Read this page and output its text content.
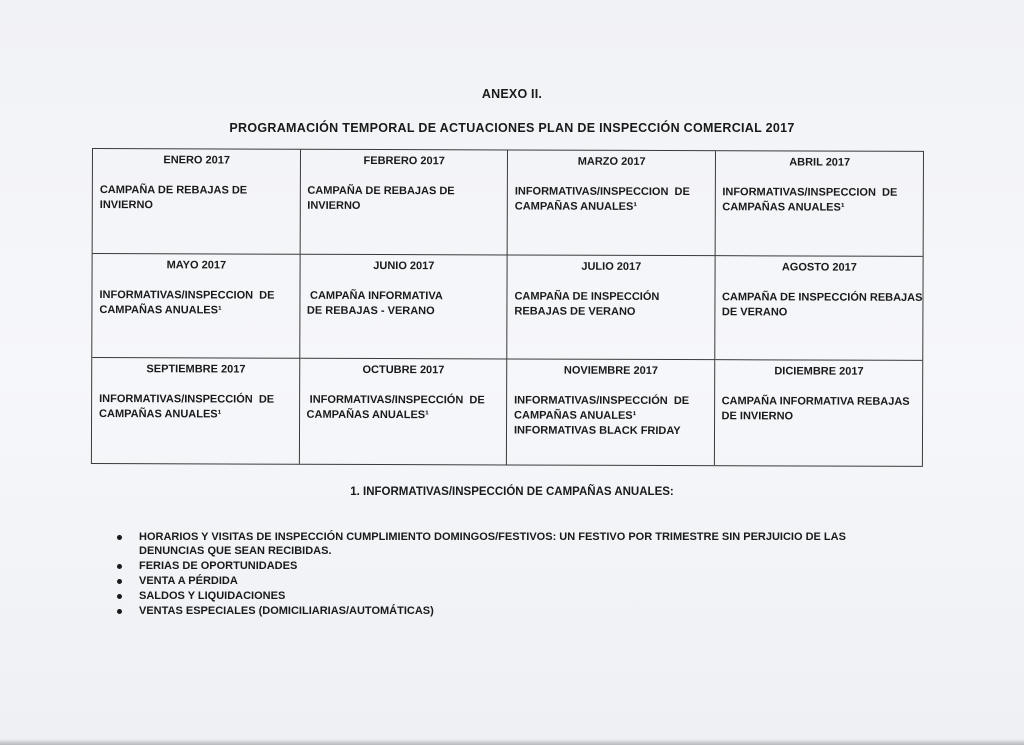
ANEXO II.
PROGRAMACIÓN TEMPORAL DE ACTUACIONES PLAN DE INSPECCIÓN COMERCIAL 2017
ENERO 2017
CAMPAÑA DE REBAJAS DE
INVIERNO
FEBRERO 2017
CAMPAÑA DE REBAJAS DE
INVIERNO
MARZO 2017
INFORMATIVAS/INSPECCION  DE
CAMPAÑAS ANUALES¹
ABRIL 2017
INFORMATIVAS/INSPECCION  DE
CAMPAÑAS ANUALES¹
MAYO 2017
INFORMATIVAS/INSPECCION  DE
CAMPAÑAS ANUALES¹
JUNIO 2017
CAMPAÑA INFORMATIVA
DE REBAJAS - VERANO
JULIO 2017
CAMPAÑA DE INSPECCIÓN
REBAJAS DE VERANO
AGOSTO 2017
CAMPAÑA DE INSPECCIÓN REBAJAS
DE VERANO
SEPTIEMBRE 2017
INFORMATIVAS/INSPECCIÓN  DE
CAMPAÑAS ANUALES¹
OCTUBRE 2017
INFORMATIVAS/INSPECCIÓN  DE
CAMPAÑAS ANUALES¹
NOVIEMBRE 2017
INFORMATIVAS/INSPECCIÓN  DE
CAMPAÑAS ANUALES¹
INFORMATIVAS BLACK FRIDAY
DICIEMBRE 2017
CAMPAÑA INFORMATIVA REBAJAS
DE INVIERNO
1. INFORMATIVAS/INSPECCIÓN DE CAMPAÑAS ANUALES:
HORARIOS Y VISITAS DE INSPECCIÓN CUMPLIMIENTO DOMINGOS/FESTIVOS: UN FESTIVO POR TRIMESTRE SIN PERJUICIO DE LAS DENUNCIAS QUE SEAN RECIBIDAS.
FERIAS DE OPORTUNIDADES
VENTA A PÉRDIDA
SALDOS Y LIQUIDACIONES
VENTAS ESPECIALES (DOMICILIARIAS/AUTOMÁTICAS)
